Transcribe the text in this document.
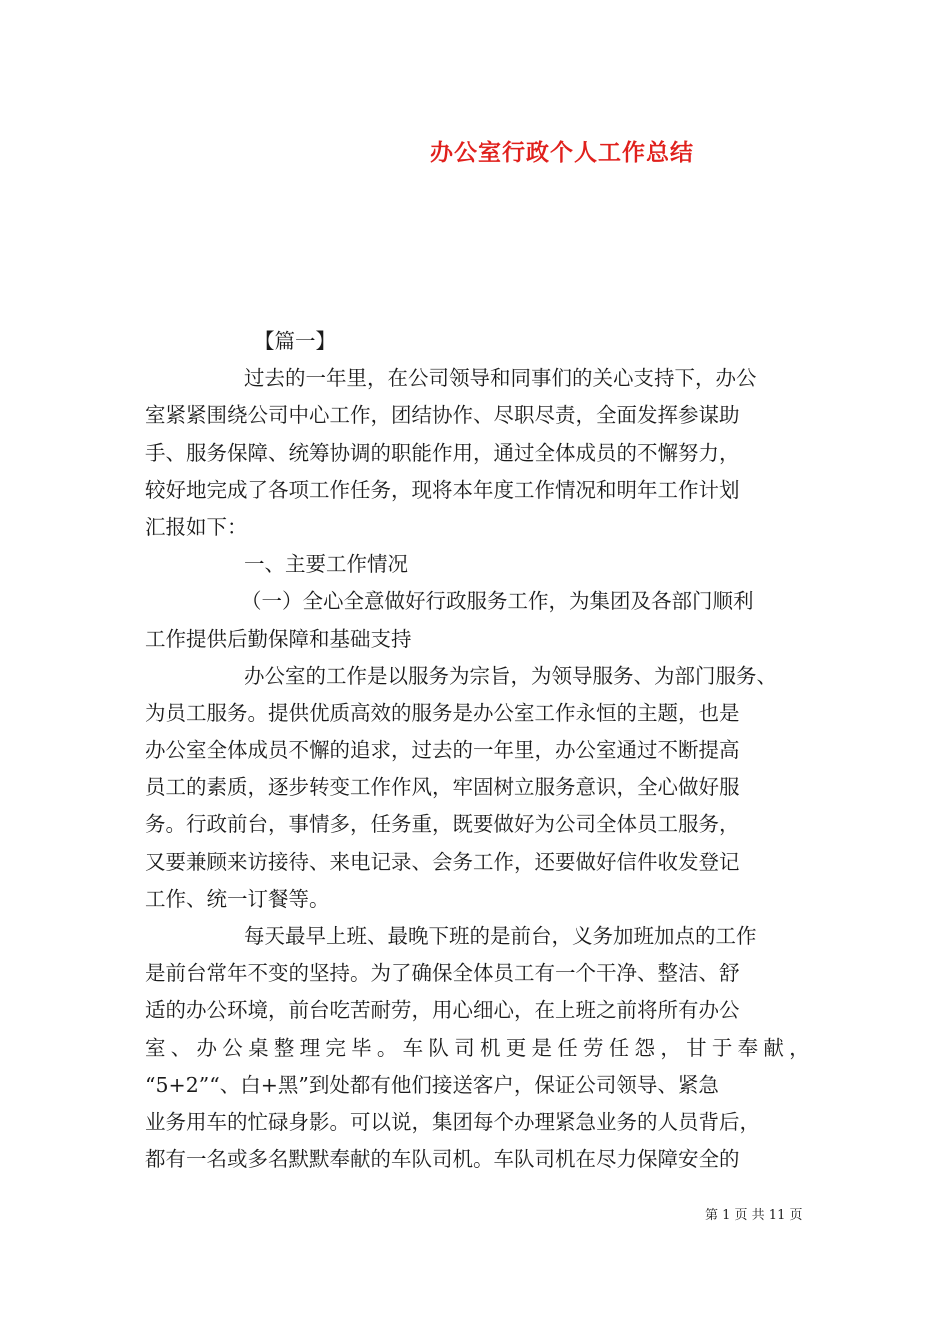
办公室行政个人工作总结
【篇一】
过去的一年里，在公司领导和同事们的关心支持下，办公
室紧紧围绕公司中心工作，团结协作、尽职尽责，全面发挥参谋助
手、服务保障、统筹协调的职能作用，通过全体成员的不懈努力，
较好地完成了各项工作任务，现将本年度工作情况和明年工作计划
汇报如下：
一、主要工作情况
（一）全心全意做好行政服务工作，为集团及各部门顺利
工作提供后勤保障和基础支持
办公室的工作是以服务为宗旨，为领导服务、为部门服务、
为员工服务。提供优质高效的服务是办公室工作永恒的主题，也是
办公室全体成员不懈的追求，过去的一年里，办公室通过不断提高
员工的素质，逐步转变工作作风，牢固树立服务意识，全心做好服
务。行政前台，事情多，任务重，既要做好为公司全体员工服务，
又要兼顾来访接待、来电记录、会务工作，还要做好信件收发登记
工作、统一订餐等。
每天最早上班、最晚下班的是前台，义务加班加点的工作
是前台常年不变的坚持。为了确保全体员工有一个干净、整洁、舒
适的办公环境，前台吃苦耐劳，用心细心，在上班之前将所有办公
室 、 办 公 桌 整 理 完 毕 。 车 队 司 机 更 是 任 劳 任 怨 ， 甘 于 奉 献 ，
“5+2”“、白+黑”到处都有他们接送客户，保证公司领导、紧急
业务用车的忙碌身影。可以说，集团每个办理紧急业务的人员背后，
都有一名或多名默默奉献的车队司机。车队司机在尽力保障安全的
第 1 页 共 11 页
